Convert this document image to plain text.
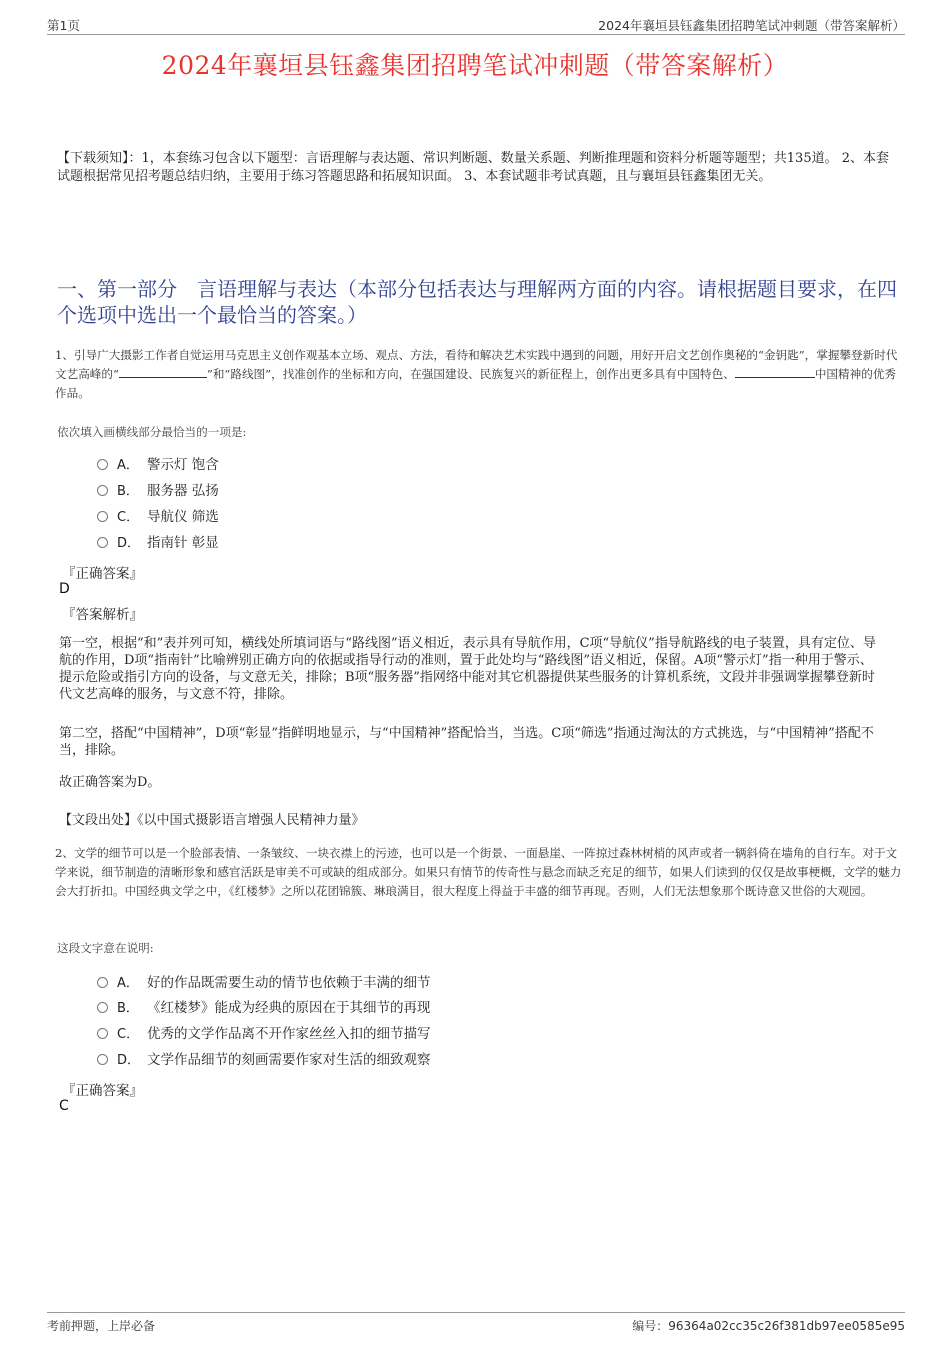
第1页	2024年襄垣县钰鑫集团招聘笔试冲刺题（带答案解析）
2024年襄垣县钰鑫集团招聘笔试冲刺题（带答案解析）
【下载须知】：1，本套练习包含以下题型：言语理解与表达题、常识判断题、数量关系题、判断推理题和资料分析题等题型；共135道。 2、本套试题根据常见招考题总结归纳，主要用于练习答题思路和拓展知识面。 3、本套试题非考试真题，且与襄垣县钰鑫集团无关。
一、第一部分　言语理解与表达（本部分包括表达与理解两方面的内容。请根据题目要求，在四个选项中选出一个最恰当的答案。）
1、引导广大摄影工作者自觉运用马克思主义创作观基本立场、观点、方法，看待和解决艺术实践中遇到的问题，用好开启文艺创作奥秘的“金钥匙”，掌握攀登新时代文艺高峰的“	”和“路线图”，找准创作的坐标和方向，在强国建设、民族复兴的新征程上，创作出更多具有中国特色、	中国精神的优秀作品。
依次填入画横线部分最恰当的一项是:
A． 警示灯 饱含
B． 服务器 弘扬
C． 导航仪 筛选
D． 指南针 彰显
『正确答案』
D
『答案解析』
第一空，根据“和”表并列可知，横线处所填词语与“路线图”语义相近，表示具有导航作用，C项“导航仪”指导航路线的电子装置，具有定位、导航的作用，D项“指南针”比喻辨别正确方向的依据或指导行动的准则，置于此处均与“路线图”语义相近，保留。A项“警示灯”指一种用于警示、提示危险或指引方向的设备，与文意无关，排除；B项“服务器”指网络中能对其它机器提供某些服务的计算机系统，文段并非强调掌握攀登新时代文艺高峰的服务，与文意不符，排除。
第二空，搭配“中国精神”，D项“彰显”指鲜明地显示，与“中国精神”搭配恰当，当选。C项“筛选”指通过淘汰的方式挑选，与“中国精神”搭配不当，排除。
故正确答案为D。
【文段出处】《以中国式摄影语言增强人民精神力量》
2、文学的细节可以是一个脸部表情、一条皱纹、一块衣襟上的污迹，也可以是一个街景、一面悬崖、一阵掠过森林树梢的风声或者一辆斜倚在墙角的自行车。对于文学来说，细节制造的清晰形象和感官活跃是审美不可或缺的组成部分。如果只有情节的传奇性与悬念而缺乏充足的细节，如果人们读到的仅仅是故事梗概，文学的魅力会大打折扣。中国经典文学之中，《红楼梦》之所以花团锦簇、琳琅满目，很大程度上得益于丰盛的细节再现。否则，人们无法想象那个既诗意又世俗的大观园。
这段文字意在说明:
A． 好的作品既需要生动的情节也依赖于丰满的细节
B． 《红楼梦》能成为经典的原因在于其细节的再现
C． 优秀的文学作品离不开作家丝丝入扣的细节描写
D． 文学作品细节的刻画需要作家对生活的细致观察
『正确答案』
C
考前押题，上岸必备	编号：96364a02cc35c26f381db97ee0585e95
